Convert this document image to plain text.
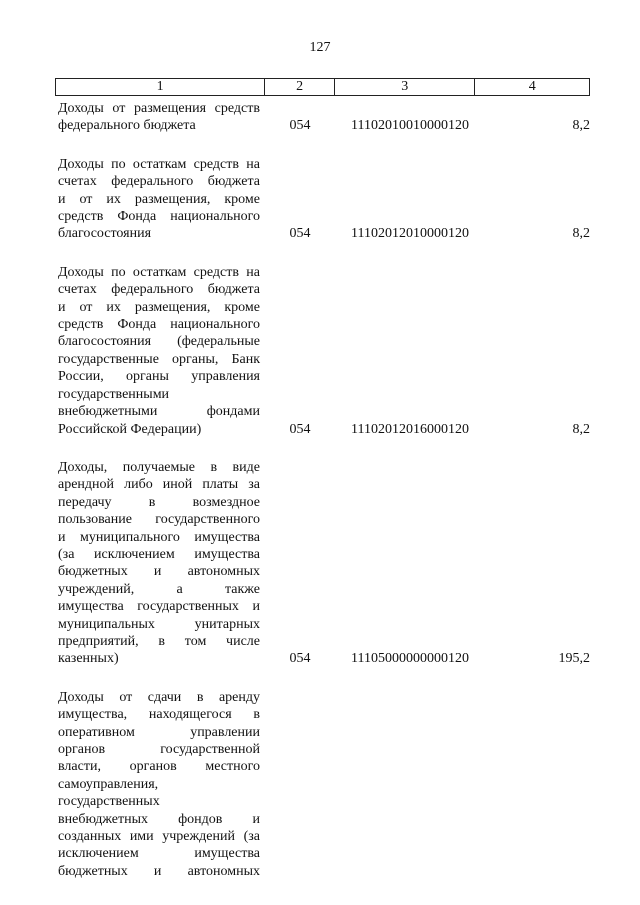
127
1	2	3	4
Доходы от размещения средств
федерального бюджета	054	11102010010000120	8,2
Доходы по остаткам средств на
счетах федерального бюджета
и от их размещения, кроме
средств Фонда национального
благосостояния	054	11102012010000120	8,2
Доходы по остаткам средств на
счетах федерального бюджета
и от их размещения, кроме
средств Фонда национального
благосостояния (федеральные
государственные органы, Банк
России, органы управления
государственными
внебюджетными фондами
Российской Федерации)	054	11102012016000120	8,2
Доходы, получаемые в виде
арендной либо иной платы за
передачу в возмездное
пользование государственного
и муниципального имущества
(за исключением имущества
бюджетных и автономных
учреждений, а также
имущества государственных и
муниципальных унитарных
предприятий, в том числе
казенных)	054	11105000000000120	195,2
Доходы от сдачи в аренду
имущества, находящегося в
оперативном управлении
органов государственной
власти, органов местного
самоуправления,
государственных
внебюджетных фондов и
созданных ими учреждений (за
исключением имущества
бюджетных и автономных
